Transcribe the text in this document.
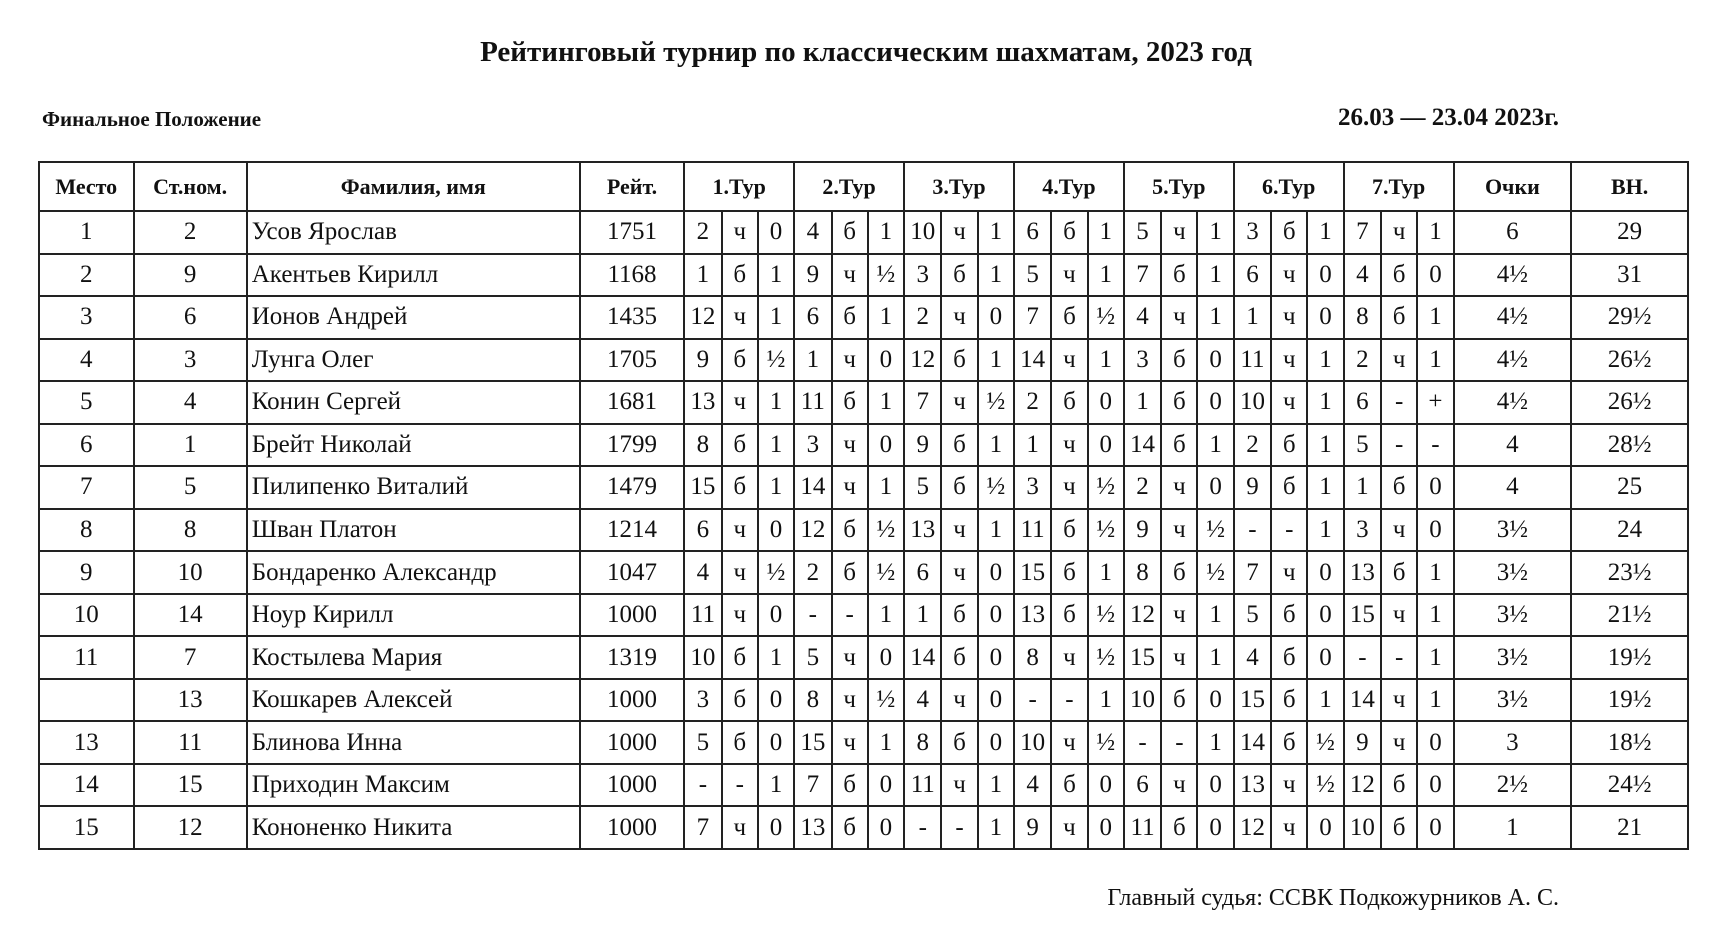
Рейтинговый турнир по классическим шахматам, 2023 год
Финальное Положение	26.03 — 23.04 2023г.
Место	Ст.ном.	Фамилия, имя	Рейт.	1.Тур			2.Тур			3.Тур			4.Тур			5.Тур			6.Тур			7.Тур			Очки	ВН.
1	2	Усов Ярослав	1751	2	ч	0	4	б	1	10	ч	1	6	б	1	5	ч	1	3	б	1	7	ч	1	6	29
2	9	Акентьев Кирилл	1168	1	б	1	9	ч	½	3	б	1	5	ч	1	7	б	1	6	ч	0	4	б	0	4½	31
3	6	Ионов Андрей	1435	12	ч	1	6	б	1	2	ч	0	7	б	½	4	ч	1	1	ч	0	8	б	1	4½	29½
4	3	Лунга Олег	1705	9	б	½	1	ч	0	12	б	1	14	ч	1	3	б	0	11	ч	1	2	ч	1	4½	26½
5	4	Конин Сергей	1681	13	ч	1	11	б	1	7	ч	½	2	б	0	1	б	0	10	ч	1	6	-	+	4½	26½
6	1	Брейт Николай	1799	8	б	1	3	ч	0	9	б	1	1	ч	0	14	б	1	2	б	1	5	-	-	4	28½
7	5	Пилипенко Виталий	1479	15	б	1	14	ч	1	5	б	½	3	ч	½	2	ч	0	9	б	1	1	б	0	4	25
8	8	Шван Платон	1214	6	ч	0	12	б	½	13	ч	1	11	б	½	9	ч	½	-	-	1	3	ч	0	3½	24
9	10	Бондаренко Александр	1047	4	ч	½	2	б	½	6	ч	0	15	б	1	8	б	½	7	ч	0	13	б	1	3½	23½
10	14	Ноур Кирилл	1000	11	ч	0	-	-	1	1	б	0	13	б	½	12	ч	1	5	б	0	15	ч	1	3½	21½
11	7	Костылева Мария	1319	10	б	1	5	ч	0	14	б	0	8	ч	½	15	ч	1	4	б	0	-	-	1	3½	19½
	13	Кошкарев Алексей	1000	3	б	0	8	ч	½	4	ч	0	-	-	1	10	б	0	15	б	1	14	ч	1	3½	19½
13	11	Блинова Инна	1000	5	б	0	15	ч	1	8	б	0	10	ч	½	-	-	1	14	б	½	9	ч	0	3	18½
14	15	Приходин Максим	1000	-	-	1	7	б	0	11	ч	1	4	б	0	6	ч	0	13	ч	½	12	б	0	2½	24½
15	12	Кононенко Никита	1000	7	ч	0	13	б	0	-	-	1	9	ч	0	11	б	0	12	ч	0	10	б	0	1	21
Главный судья: ССВК Подкожурников А. С.
